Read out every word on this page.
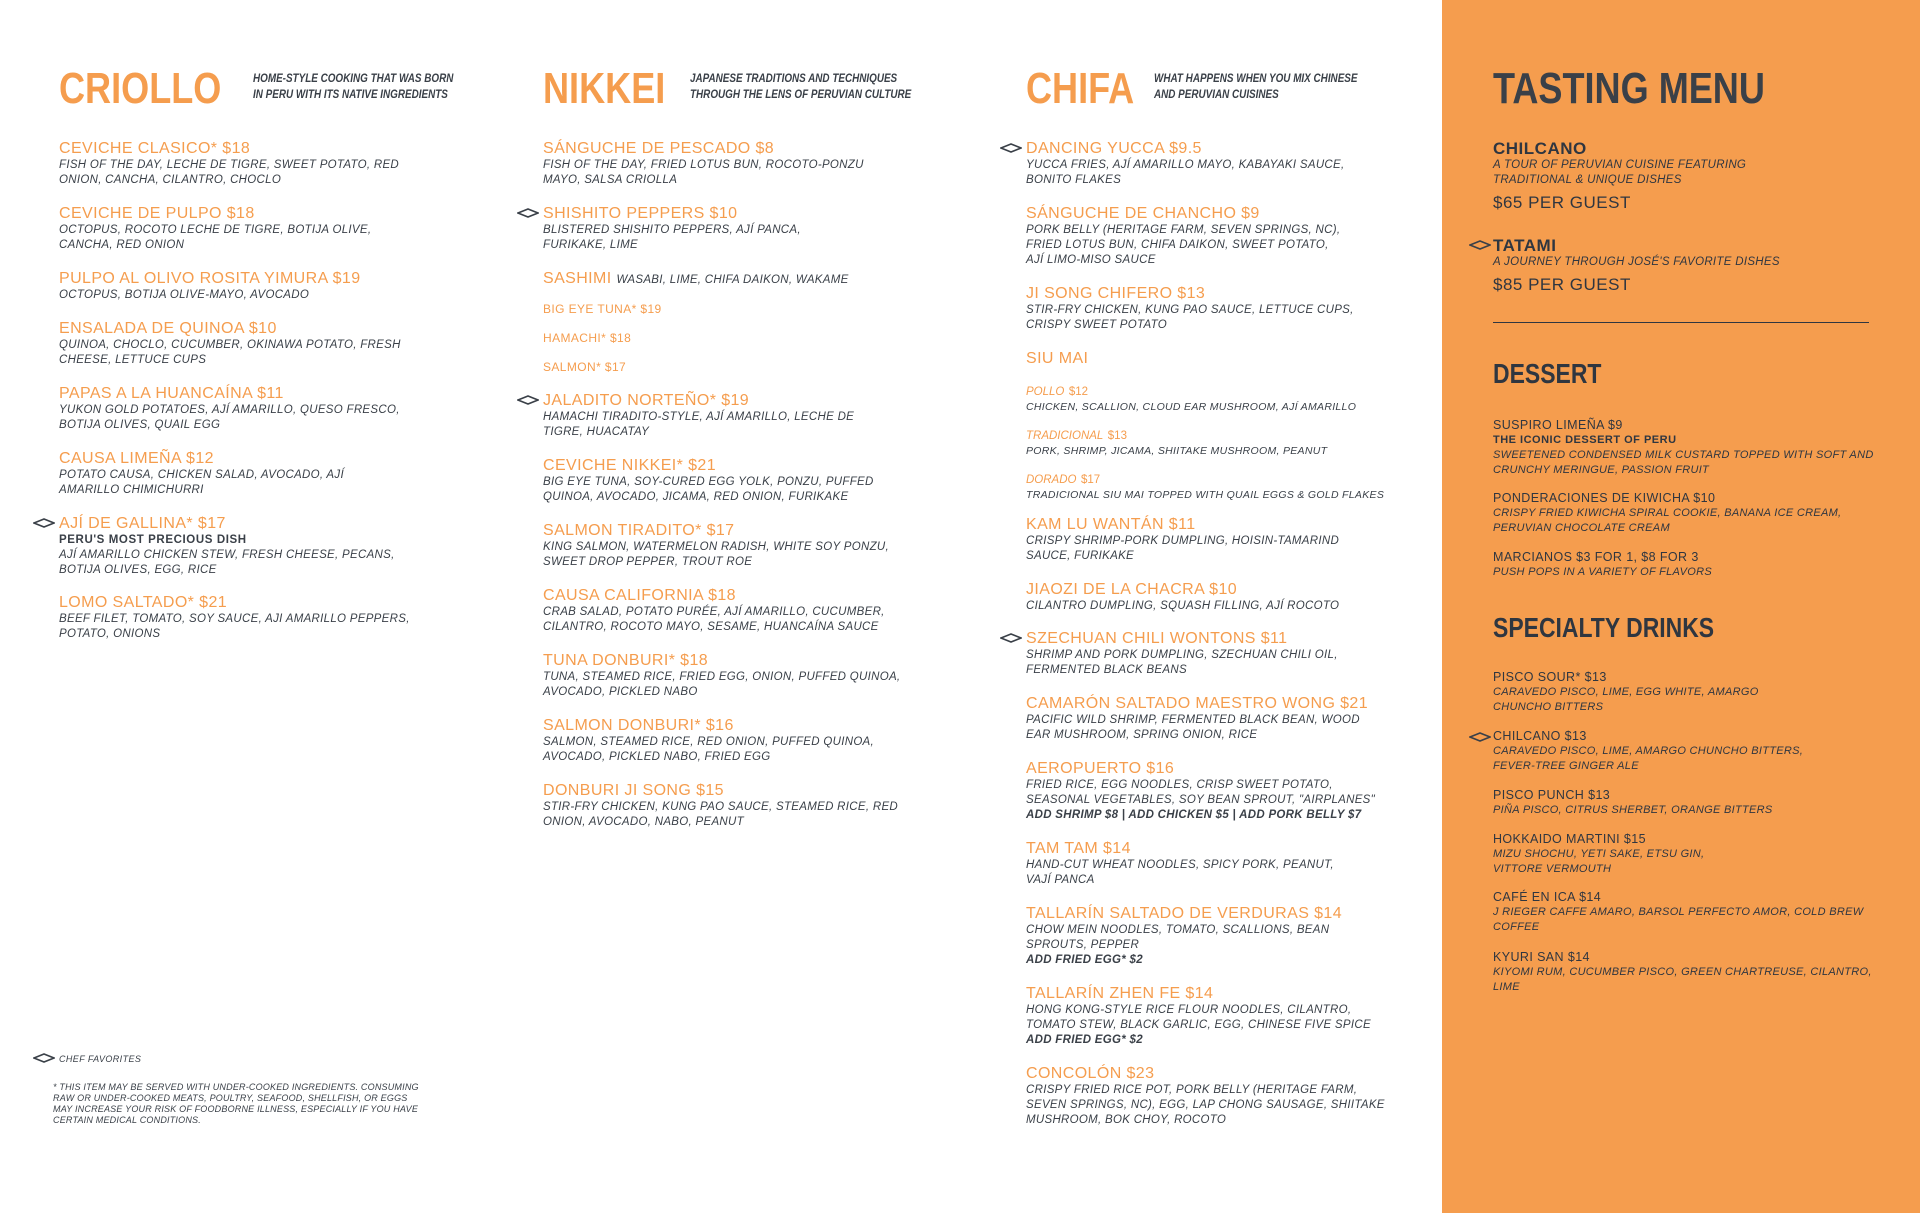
CRIOLLO	HOME-STYLE COOKING THAT WAS BORN
IN PERU WITH ITS NATIVE INGREDIENTS
CEVICHE CLASICO* $18
FISH OF THE DAY, LECHE DE TIGRE, SWEET POTATO, RED
ONION, CANCHA, CILANTRO, CHOCLO
CEVICHE DE PULPO $18
OCTOPUS, ROCOTO LECHE DE TIGRE, BOTIJA OLIVE,
CANCHA, RED ONION
PULPO AL OLIVO ROSITA YIMURA $19
OCTOPUS, BOTIJA OLIVE-MAYO, AVOCADO
ENSALADA DE QUINOA $10
QUINOA, CHOCLO, CUCUMBER, OKINAWA POTATO, FRESH
CHEESE, LETTUCE CUPS
PAPAS A LA HUANCAÍNA $11
YUKON GOLD POTATOES, AJÍ AMARILLO, QUESO FRESCO,
BOTIJA OLIVES, QUAIL EGG
CAUSA LIMEÑA $12
POTATO CAUSA, CHICKEN SALAD, AVOCADO, AJÍ
AMARILLO CHIMICHURRI
AJÍ DE GALLINA* $17
PERU'S MOST PRECIOUS DISH
AJÍ AMARILLO CHICKEN STEW, FRESH CHEESE, PECANS,
BOTIJA OLIVES, EGG, RICE
LOMO SALTADO* $21
BEEF FILET, TOMATO, SOY SAUCE, AJI AMARILLO PEPPERS,
POTATO, ONIONS
NIKKEI JAPANESE TRADITIONS AND TECHNIQUES
THROUGH THE LENS OF PERUVIAN CULTURE
SÁNGUCHE DE PESCADO $8
FISH OF THE DAY, FRIED LOTUS BUN, ROCOTO-PONZU
MAYO, SALSA CRIOLLA
SHISHITO PEPPERS $10
BLISTERED SHISHITO PEPPERS, AJÍ PANCA,
FURIKAKE, LIME
SASHIMI WASABI, LIME, CHIFA DAIKON, WAKAME
BIG EYE TUNA* $19
HAMACHI* $18
SALMON* $17
JALADITO NORTEÑO* $19
HAMACHI TIRADITO-STYLE, AJÍ AMARILLO, LECHE DE
TIGRE, HUACATAY
CEVICHE NIKKEI* $21
BIG EYE TUNA, SOY-CURED EGG YOLK, PONZU, PUFFED
QUINOA, AVOCADO, JICAMA, RED ONION, FURIKAKE
SALMON TIRADITO* $17
KING SALMON, WATERMELON RADISH, WHITE SOY PONZU,
SWEET DROP PEPPER, TROUT ROE
CAUSA CALIFORNIA $18
CRAB SALAD, POTATO PURÉE, AJÍ AMARILLO, CUCUMBER,
CILANTRO, ROCOTO MAYO, SESAME, HUANCAÍNA SAUCE
TUNA DONBURI* $18
TUNA, STEAMED RICE, FRIED EGG, ONION, PUFFED QUINOA,
AVOCADO, PICKLED NABO
SALMON DONBURI* $16
SALMON, STEAMED RICE, RED ONION, PUFFED QUINOA,
AVOCADO, PICKLED NABO, FRIED EGG
DONBURI JI SONG $15
STIR-FRY CHICKEN, KUNG PAO SAUCE, STEAMED RICE, RED
ONION, AVOCADO, NABO, PEANUT
CHIFA WHAT HAPPENS WHEN YOU MIX CHINESE
AND PERUVIAN CUISINES
DANCING YUCCA $9.5
YUCCA FRIES, AJÍ AMARILLO MAYO, KABAYAKI SAUCE,
BONITO FLAKES
SÁNGUCHE DE CHANCHO $9
PORK BELLY (HERITAGE FARM, SEVEN SPRINGS, NC),
FRIED LOTUS BUN, CHIFA DAIKON, SWEET POTATO,
AJÍ LIMO-MISO SAUCE
JI SONG CHIFERO $13
STIR-FRY CHICKEN, KUNG PAO SAUCE, LETTUCE CUPS,
CRISPY SWEET POTATO
SIU MAI
POLLO $12
CHICKEN, SCALLION, CLOUD EAR MUSHROOM, AJÍ AMARILLO
TRADICIONAL $13
PORK, SHRIMP, JICAMA, SHIITAKE MUSHROOM, PEANUT
DORADO $17
TRADICIONAL SIU MAI TOPPED WITH QUAIL EGGS & GOLD FLAKES
KAM LU WANTÁN $11
CRISPY SHRIMP-PORK DUMPLING, HOISIN-TAMARIND
SAUCE, FURIKAKE
JIAOZI DE LA CHACRA $10
CILANTRO DUMPLING, SQUASH FILLING, AJÍ ROCOTO
SZECHUAN CHILI WONTONS $11
SHRIMP AND PORK DUMPLING, SZECHUAN CHILI OIL,
FERMENTED BLACK BEANS
CAMARÓN SALTADO MAESTRO WONG $21
PACIFIC WILD SHRIMP, FERMENTED BLACK BEAN, WOOD
EAR MUSHROOM, SPRING ONION, RICE
AEROPUERTO $16
FRIED RICE, EGG NOODLES, CRISP SWEET POTATO,
SEASONAL VEGETABLES, SOY BEAN SPROUT, "AIRPLANES"
ADD SHRIMP $8 | ADD CHICKEN $5 | ADD PORK BELLY $7
TAM TAM $14
HAND-CUT WHEAT NOODLES, SPICY PORK, PEANUT,
VAJÍ PANCA
TALLARÍN SALTADO DE VERDURAS $14
CHOW MEIN NOODLES, TOMATO, SCALLIONS, BEAN
SPROUTS, PEPPER
ADD FRIED EGG* $2
TALLARÍN ZHEN FE $14
HONG KONG-STYLE RICE FLOUR NOODLES, CILANTRO,
TOMATO STEW, BLACK GARLIC, EGG, CHINESE FIVE SPICE
ADD FRIED EGG* $2
CONCOLÓN $23
CRISPY FRIED RICE POT, PORK BELLY (HERITAGE FARM,
SEVEN SPRINGS, NC), EGG, LAP CHONG SAUSAGE, SHIITAKE
MUSHROOM, BOK CHOY, ROCOTO
CHEF FAVORITES
* THIS ITEM MAY BE SERVED WITH UNDER-COOKED INGREDIENTS. CONSUMING RAW OR UNDER-COOKED MEATS, POULTRY, SEAFOOD, SHELLFISH, OR EGGS MAY INCREASE YOUR RISK OF FOODBORNE ILLNESS, ESPECIALLY IF YOU HAVE CERTAIN MEDICAL CONDITIONS.
TASTING MENU
CHILCANO
A TOUR OF PERUVIAN CUISINE FEATURING
TRADITIONAL & UNIQUE DISHES
$65 PER GUEST
TATAMI
A JOURNEY THROUGH JOSÉ'S FAVORITE DISHES
$85 PER GUEST
DESSERT
SUSPIRO LIMEÑA $9
THE ICONIC DESSERT OF PERU
SWEETENED CONDENSED MILK CUSTARD TOPPED WITH SOFT AND
CRUNCHY MERINGUE, PASSION FRUIT
PONDERACIONES DE KIWICHA $10
CRISPY FRIED KIWICHA SPIRAL COOKIE, BANANA ICE CREAM,
PERUVIAN CHOCOLATE CREAM
MARCIANOS $3 FOR 1, $8 FOR 3
PUSH POPS IN A VARIETY OF FLAVORS
SPECIALTY DRINKS
PISCO SOUR* $13
CARAVEDO PISCO, LIME, EGG WHITE, AMARGO
CHUNCHO BITTERS
CHILCANO $13
CARAVEDO PISCO, LIME, AMARGO CHUNCHO BITTERS,
FEVER-TREE GINGER ALE
PISCO PUNCH $13
PIÑA PISCO, CITRUS SHERBET, ORANGE BITTERS
HOKKAIDO MARTINI $15
MIZU SHOCHU, YETI SAKE, ETSU GIN,
VITTORE VERMOUTH
CAFÉ EN ICA $14
J RIEGER CAFFE AMARO, BARSOL PERFECTO AMOR, COLD BREW
COFFEE
KYURI SAN $14
KIYOMI RUM, CUCUMBER PISCO, GREEN CHARTREUSE, CILANTRO, LIME
